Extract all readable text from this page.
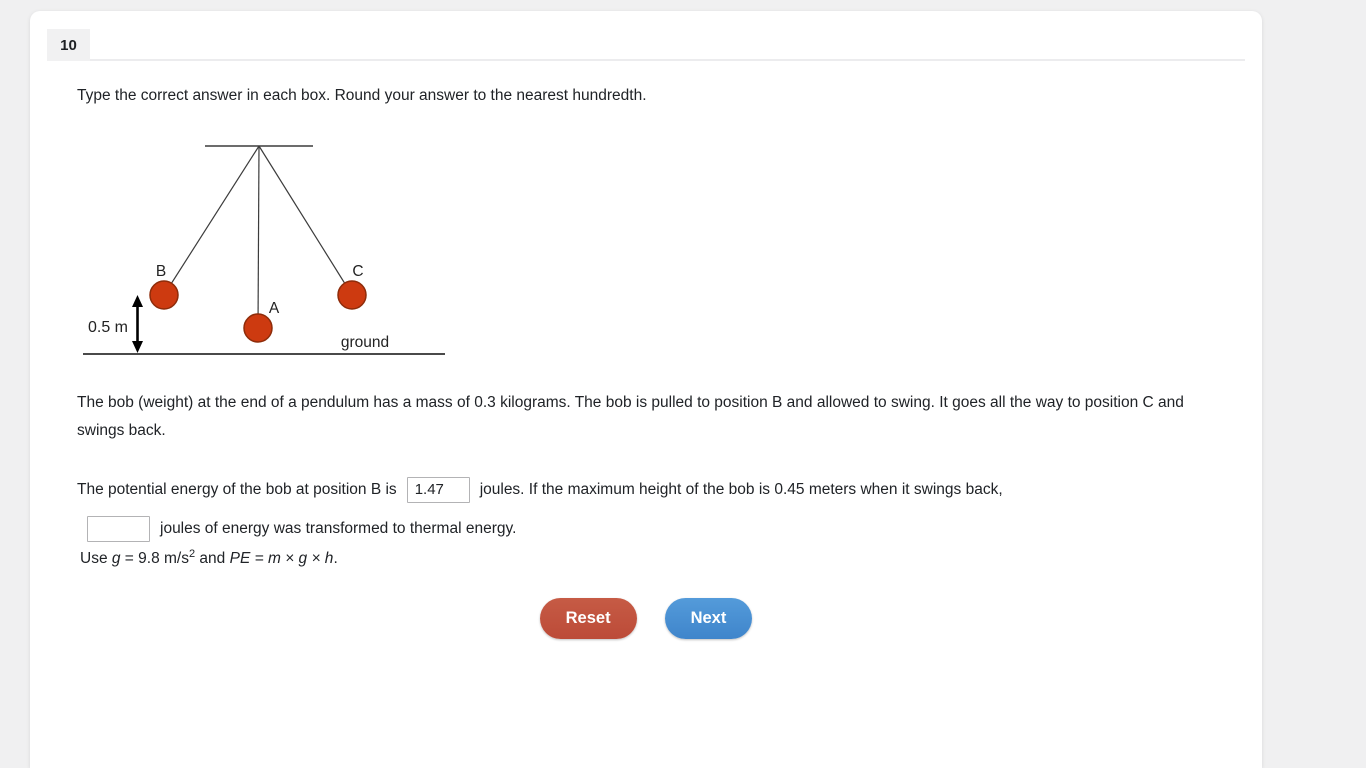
10
Type the correct answer in each box. Round your answer to the nearest hundredth.
B
A
C
ground
0.5 m
The bob (weight) at the end of a pendulum has a mass of 0.3 kilograms. The bob is pulled to position B and allowed to swing. It goes all the way to position C and swings back.
The potential energy of the bob at position B is1.47	joules. If the maximum height of the bob is 0.45 meters when it swings back,
joules of energy was transformed to thermal energy.
Use g = 9.8 $m/s^2$ and PE = m × g × h.
Reset	Next
